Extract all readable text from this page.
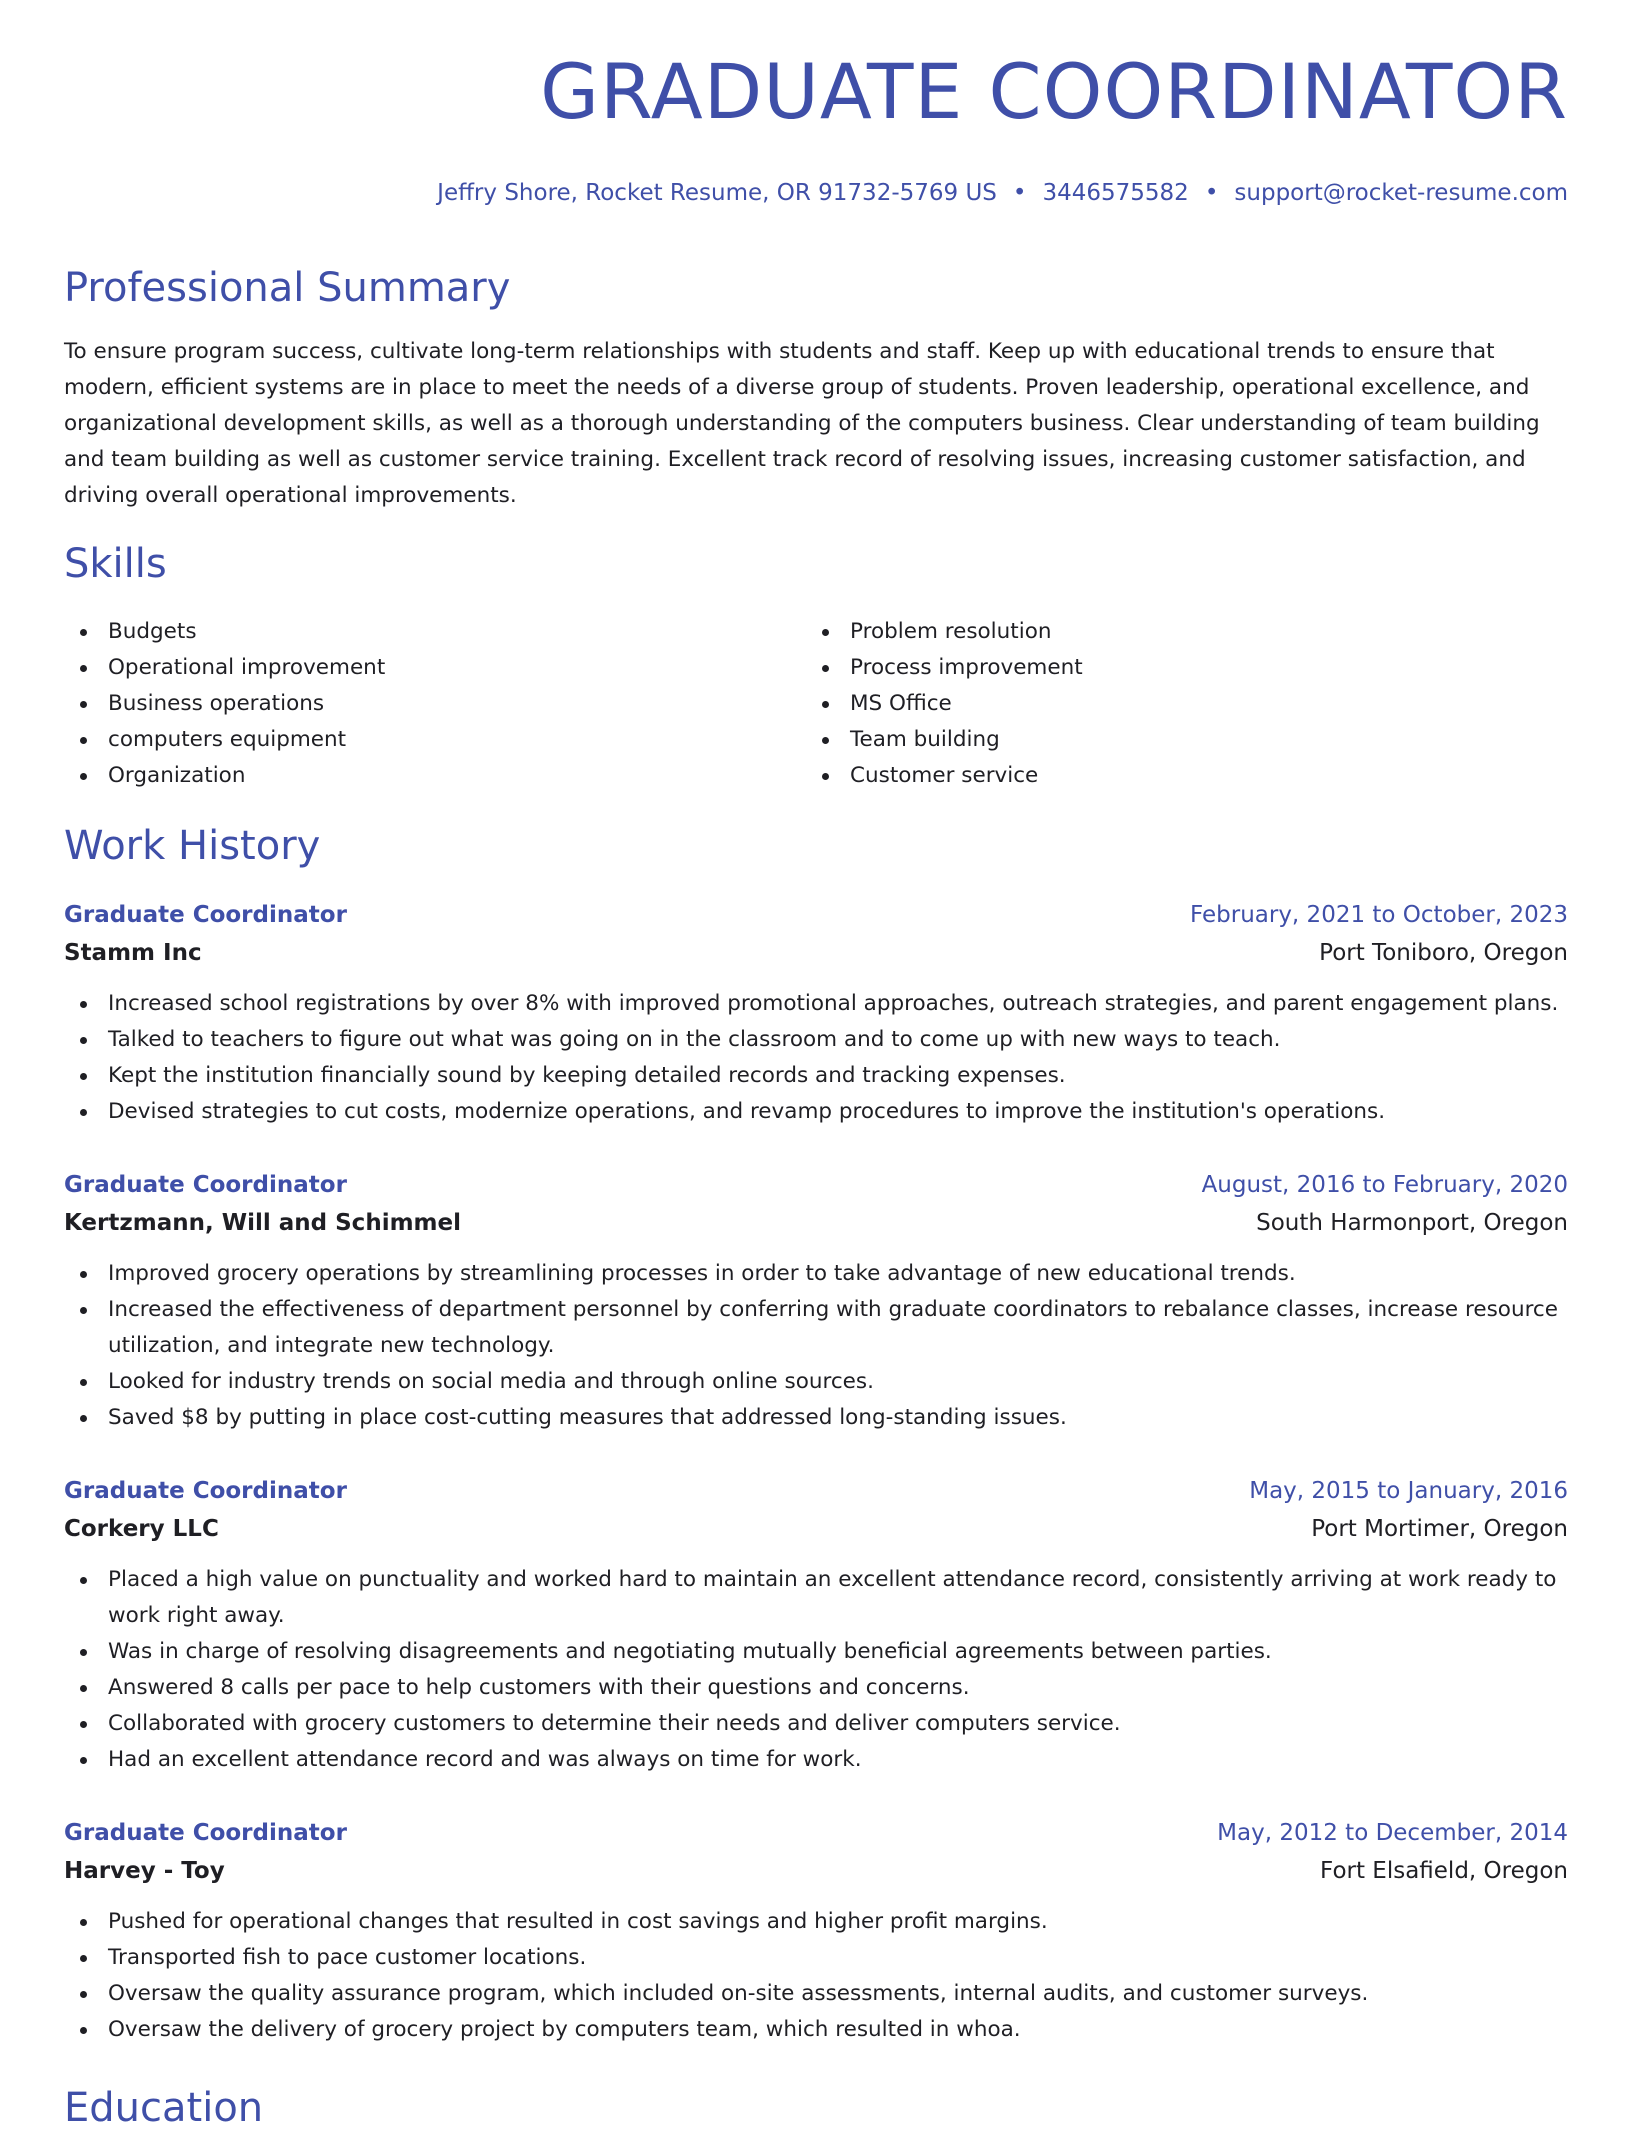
GRADUATE COORDINATOR
Jeffry Shore, Rocket Resume, OR 91732-5769 US • 3446575582 • support@rocket-resume.com
Professional Summary

To ensure program success, cultivate long-term relationships with students and staff. Keep up with educational trends to ensure that modern, efficient systems are in place to meet the needs of a diverse group of students. Proven leadership, operational excellence, and organizational development skills, as well as a thorough understanding of the computers business. Clear understanding of team building and team building as well as customer service training. Excellent track record of resolving issues, increasing customer satisfaction, and driving overall operational improvements.

Skills
Budgets
Operational improvement
Business operations
computers equipment
Organization
Problem resolution
Process improvement
MS Office
Team building
Customer service
Work History
Graduate Coordinator	February, 2021 to October, 2023
Stamm Inc	Port Toniboro, Oregon
Increased school registrations by over 8% with improved promotional approaches, outreach strategies, and parent engagement plans.
Talked to teachers to figure out what was going on in the classroom and to come up with new ways to teach.
Kept the institution financially sound by keeping detailed records and tracking expenses.
Devised strategies to cut costs, modernize operations, and revamp procedures to improve the institution's operations.
Graduate Coordinator	August, 2016 to February, 2020
Kertzmann, Will and Schimmel	South Harmonport, Oregon
Improved grocery operations by streamlining processes in order to take advantage of new educational trends.
Increased the effectiveness of department personnel by conferring with graduate coordinators to rebalance classes, increase resource utilization, and integrate new technology.
Looked for industry trends on social media and through online sources.
Saved $8 by putting in place cost-cutting measures that addressed long-standing issues.
Graduate Coordinator	May, 2015 to January, 2016
Corkery LLC	Port Mortimer, Oregon
Placed a high value on punctuality and worked hard to maintain an excellent attendance record, consistently arriving at work ready to work right away.
Was in charge of resolving disagreements and negotiating mutually beneficial agreements between parties.
Answered 8 calls per pace to help customers with their questions and concerns.
Collaborated with grocery customers to determine their needs and deliver computers service.
Had an excellent attendance record and was always on time for work.
Graduate Coordinator	May, 2012 to December, 2014
Harvey - Toy	Fort Elsafield, Oregon
Pushed for operational changes that resulted in cost savings and higher profit margins.
Transported fish to pace customer locations.
Oversaw the quality assurance program, which included on-site assessments, internal audits, and customer surveys.
Oversaw the delivery of grocery project by computers team, which resulted in whoa.
Education
